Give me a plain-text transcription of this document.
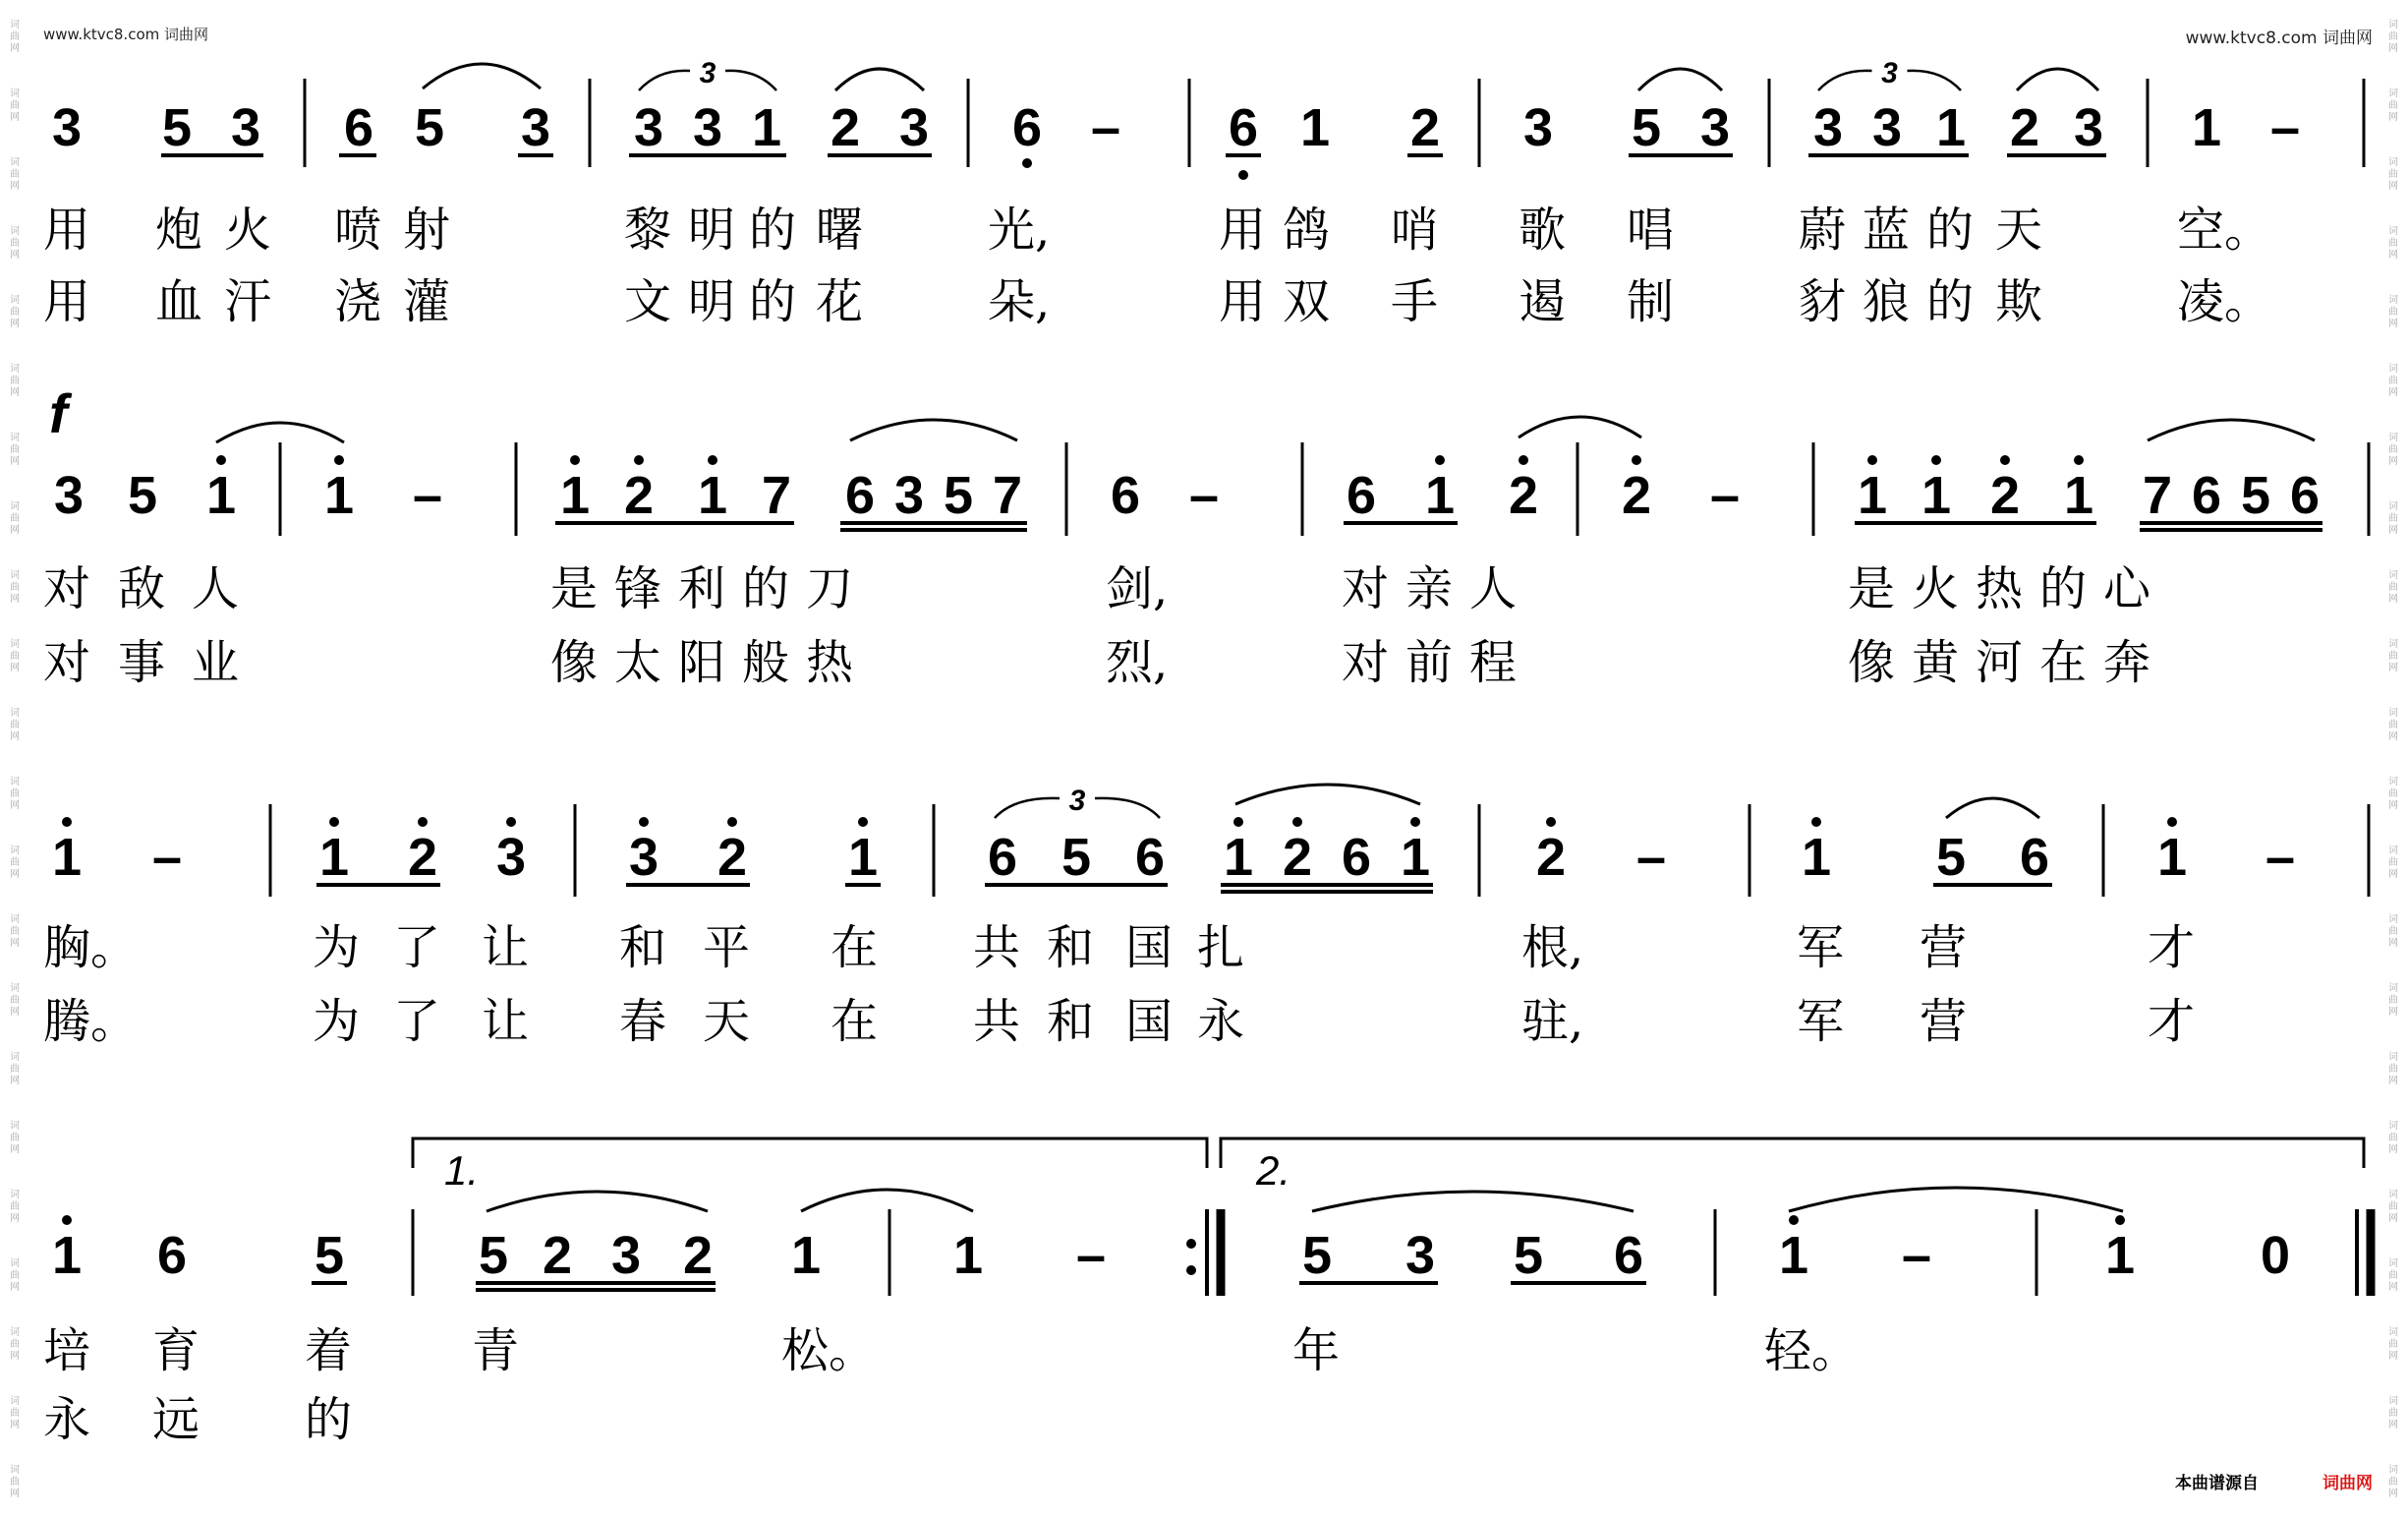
www.ktvc8.com 词曲网	www.ktvc8.com 词曲网
词
曲
网
词
曲
网
词
曲
网
词
曲
网
词
曲
网
词
曲
网
词
曲
网
词
曲
网
词
曲
网
词
曲
网
词
曲
网
词
曲
网
词
曲
网
词
曲
网
词
曲
网
词
曲
网
词
曲
网
词
曲
网
词
曲
网
词
曲
网
词
曲
网
词
曲
网
词
曲
网
词
曲
网
词
曲
网
词
曲
网
词
曲
网
词
曲
网
词
曲
网
词
曲
网
词
曲
网
词
曲
网
词
曲
网
词
曲
网
词
曲
网
词
曲
网
词
曲
网
词
曲
网
词
曲
网
词
曲
网
词
曲
网
词
曲
网
词
曲
网
词
曲
网
3 5 3 6 5 3 3 3 1 2 3
3
6 – 6 1 2 3 5 3 3 3 1 2 3
3
1 –
f
3 5 1 1 – 1 2 1 7 6 3 5 7 6 – 6 1 2 2 – 1 1 2 1 7 6 5 6
1 –	1 2 3 3 2 1 6 5 6 1 2 6 1
3
2 –	1 5 6 1 –
1 6 5
1.
5 2 3 2 1 1 –
2.
5 3 5 6	1 –	1 0
用 炮 火 喷 射	黎 明 的 曙	光,	用 鸽 哨 歌 唱	蔚 蓝 的 天	空。
用 血 汗 浇 灌	文 明 的 花	朵,	用 双 手 遏 制	豺 狼 的 欺	凌。
对 敌 人	是 锋 利 的 刀	剑,	对 亲 人	是 火 热 的 心
对 事 业	像 太 阳 般 热	烈,	对 前 程	像 黄 河 在 奔
胸。	为 了 让 和 平 在 共 和 国 扎	根,	军 营	才
腾。	为 了 让 春 天 在 共 和 国 永	驻,	军 营	才
培 育 着	青	松。	年	轻。
永 远 的
本曲谱源自	词曲网
